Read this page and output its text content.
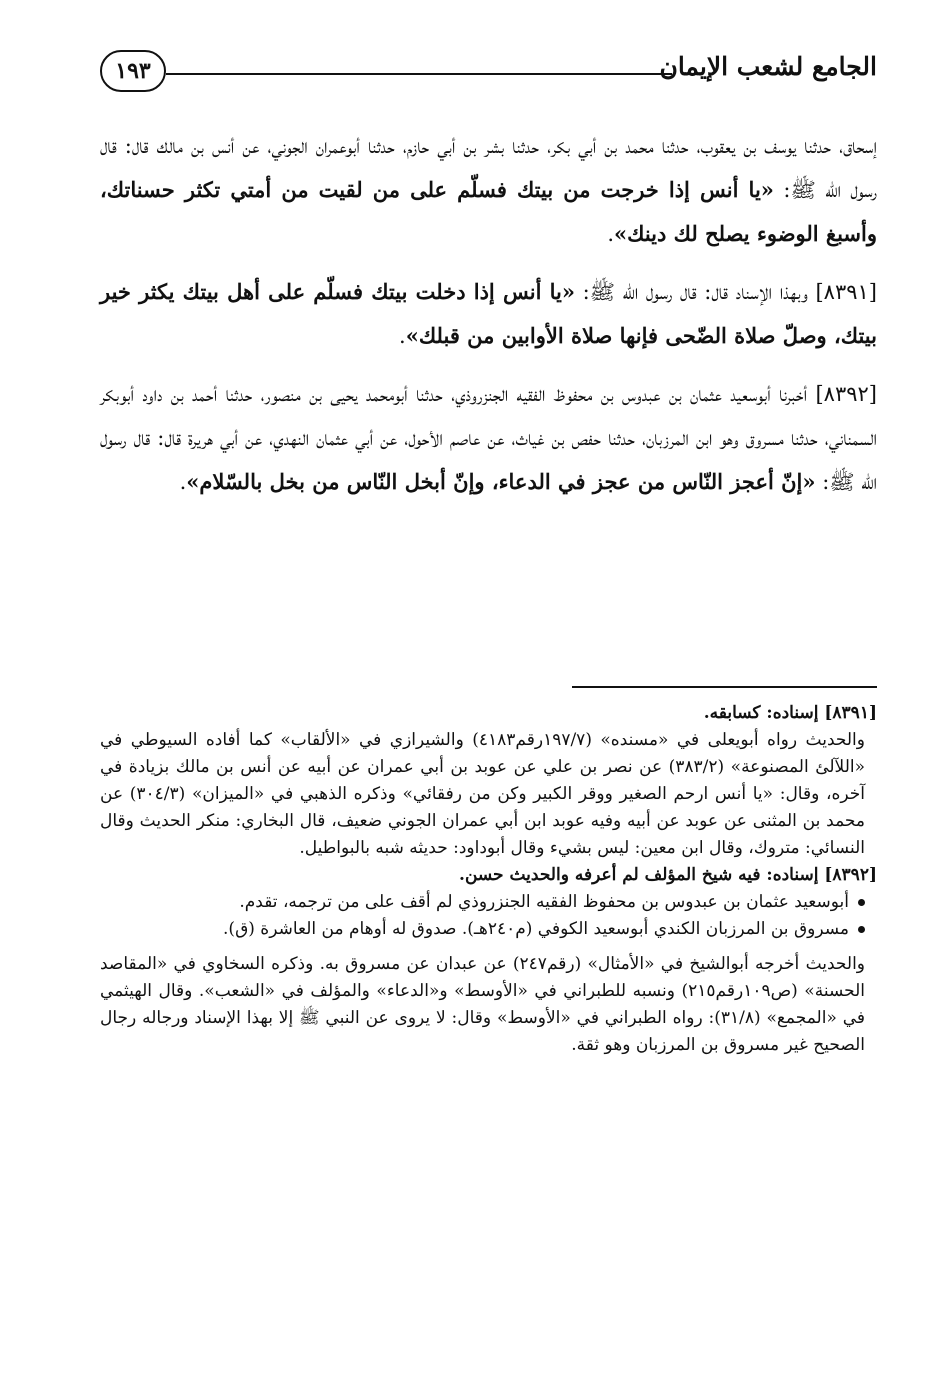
الجامع لشعب الإيمان
١٩٣

إسحاق، حدثنا يوسف بن يعقوب، حدثنا محمد بن أبي بكر، حدثنا بشر بن أبي حازم، حدثنا أبوعمران الجوني، عن أنس بن مالك قال: قال رسول الله ﷺ: «يا أنس إذا خرجت من بيتك فسلّم على من لقيت من أمتي تكثر حسناتك، وأسبغ الوضوء يصلح لك دينك».

[٨٣٩١] وبهذا الإسناد قال: قال رسول الله ﷺ: «يا أنس إذا دخلت بيتك فسلّم على أهل بيتك يكثر خير بيتك، وصلّ صلاة الضّحى فإنها صلاة الأوابين من قبلك».

[٨٣٩٢] أخبرنا أبوسعيد عثمان بن عبدوس بن محفوظ الفقيه الجنزروذي، حدثنا أبومحمد يحيى بن منصور، حدثنا أحمد بن داود أبوبكر السمناني، حدثنا مسروق وهو ابن المرزبان، حدثنا حفص بن غياث، عن عاصم الأحول، عن أبي عثمان النهدي، عن أبي هريرة قال: قال رسول الله ﷺ: «إنّ أعجز النّاس من عجز في الدعاء، وإنّ أبخل النّاس من بخل بالسّلام».

[٨٣٩١] إسناده: كسابقه.

والحديث رواه أبويعلى في «مسنده» (١٩٧/٧رقم٤١٨٣) والشيرازي في «الألقاب» كما أفاده السيوطي في «اللآلئ المصنوعة» (٣٨٣/٢) عن نصر بن علي عن عوبد بن أبي عمران عن أبيه عن أنس بن مالك بزيادة في آخره، وقال: «يا أنس ارحم الصغير ووقر الكبير وكن من رفقائي» وذكره الذهبي في «الميزان» (٣٠٤/٣) عن محمد بن المثنى عن عوبد عن أبيه وفيه عوبد ابن أبي عمران الجوني ضعيف، قال البخاري: منكر الحديث وقال النسائي: متروك، وقال ابن معين: ليس بشيء وقال أبوداود: حديثه شبه بالبواطيل.

[٨٣٩٢] إسناده: فيه شيخ المؤلف لم أعرفه والحديث حسن.

أبوسعيد عثمان بن عبدوس بن محفوظ الفقيه الجنزروذي لم أقف على من ترجمه، تقدم.
مسروق بن المرزبان الكندي أبوسعيد الكوفي (م٢٤٠هـ). صدوق له أوهام من العاشرة (ق).

والحديث أخرجه أبوالشيخ في «الأمثال» (رقم٢٤٧) عن عبدان عن مسروق به. وذكره السخاوي في «المقاصد الحسنة» (ص١٠٩رقم٢١٥) ونسبه للطبراني في «الأوسط» و«الدعاء» والمؤلف في «الشعب». وقال الهيثمي في «المجمع» (٣١/٨): رواه الطبراني في «الأوسط» وقال: لا يروى عن النبي ﷺ إلا بهذا الإسناد ورجاله رجال الصحيح غير مسروق بن المرزبان وهو ثقة.
